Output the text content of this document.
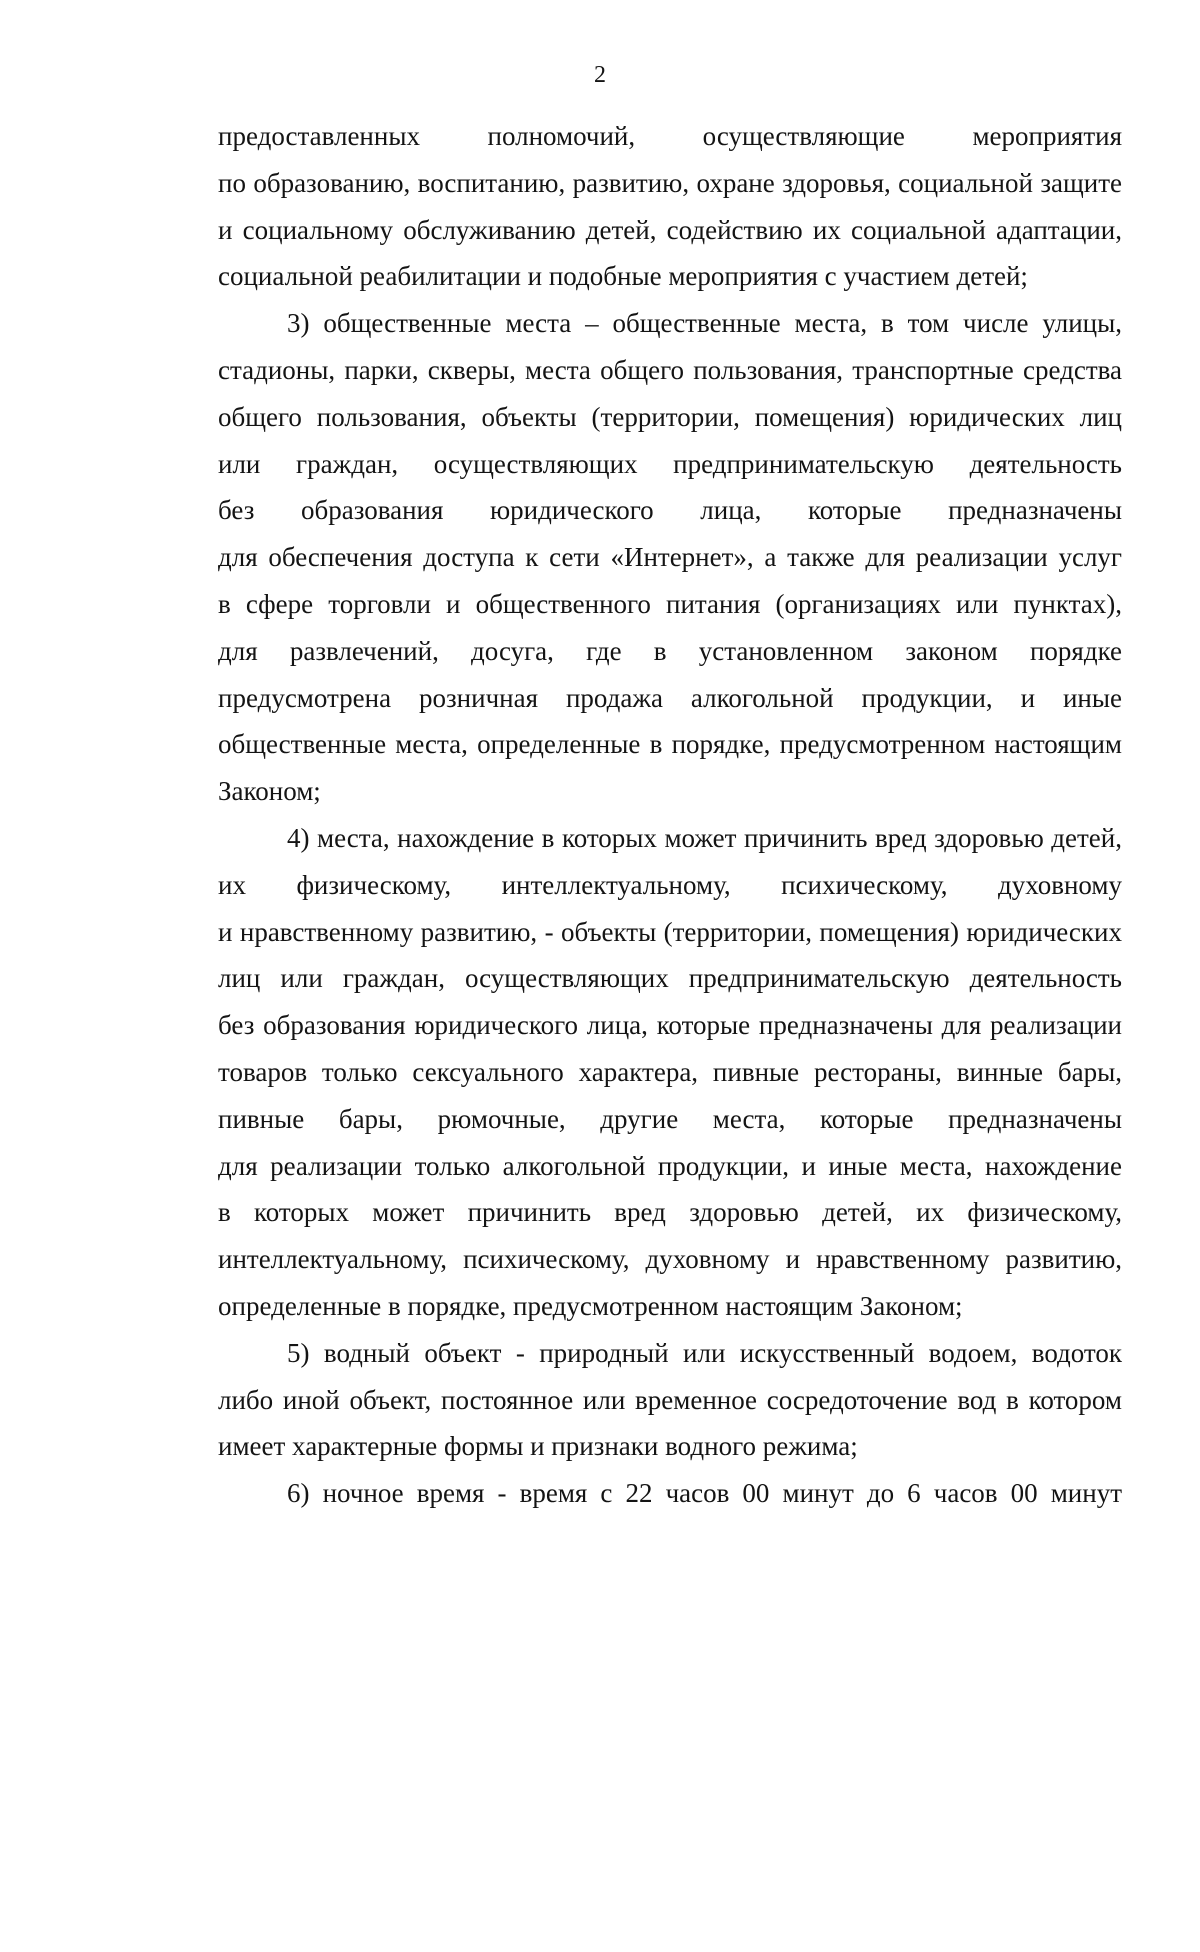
2
предоставленных полномочий, осуществляющие мероприятия
по образованию, воспитанию, развитию, охране здоровья, социальной защите
и социальному обслуживанию детей, содействию их социальной адаптации,
социальной реабилитации и подобные мероприятия с участием детей;
3) общественные места – общественные места, в том числе улицы,
стадионы, парки, скверы, места общего пользования, транспортные средства
общего пользования, объекты (территории, помещения) юридических лиц
или граждан, осуществляющих предпринимательскую деятельность
без образования юридического лица, которые предназначены
для обеспечения доступа к сети «Интернет», а также для реализации услуг
в сфере торговли и общественного питания (организациях или пунктах),
для развлечений, досуга, где в установленном законом порядке
предусмотрена розничная продажа алкогольной продукции, и иные
общественные места, определенные в порядке, предусмотренном настоящим
Законом;
4) места, нахождение в которых может причинить вред здоровью детей,
их физическому, интеллектуальному, психическому, духовному
и нравственному развитию, - объекты (территории, помещения) юридических
лиц или граждан, осуществляющих предпринимательскую деятельность
без образования юридического лица, которые предназначены для реализации
товаров только сексуального характера, пивные рестораны, винные бары,
пивные бары, рюмочные, другие места, которые предназначены
для реализации только алкогольной продукции, и иные места, нахождение
в которых может причинить вред здоровью детей, их физическому,
интеллектуальному, психическому, духовному и нравственному развитию,
определенные в порядке, предусмотренном настоящим Законом;
5) водный объект - природный или искусственный водоем, водоток
либо иной объект, постоянное или временное сосредоточение вод в котором
имеет характерные формы и признаки водного режима;
6) ночное время - время с 22 часов 00 минут до 6 часов 00 минут
